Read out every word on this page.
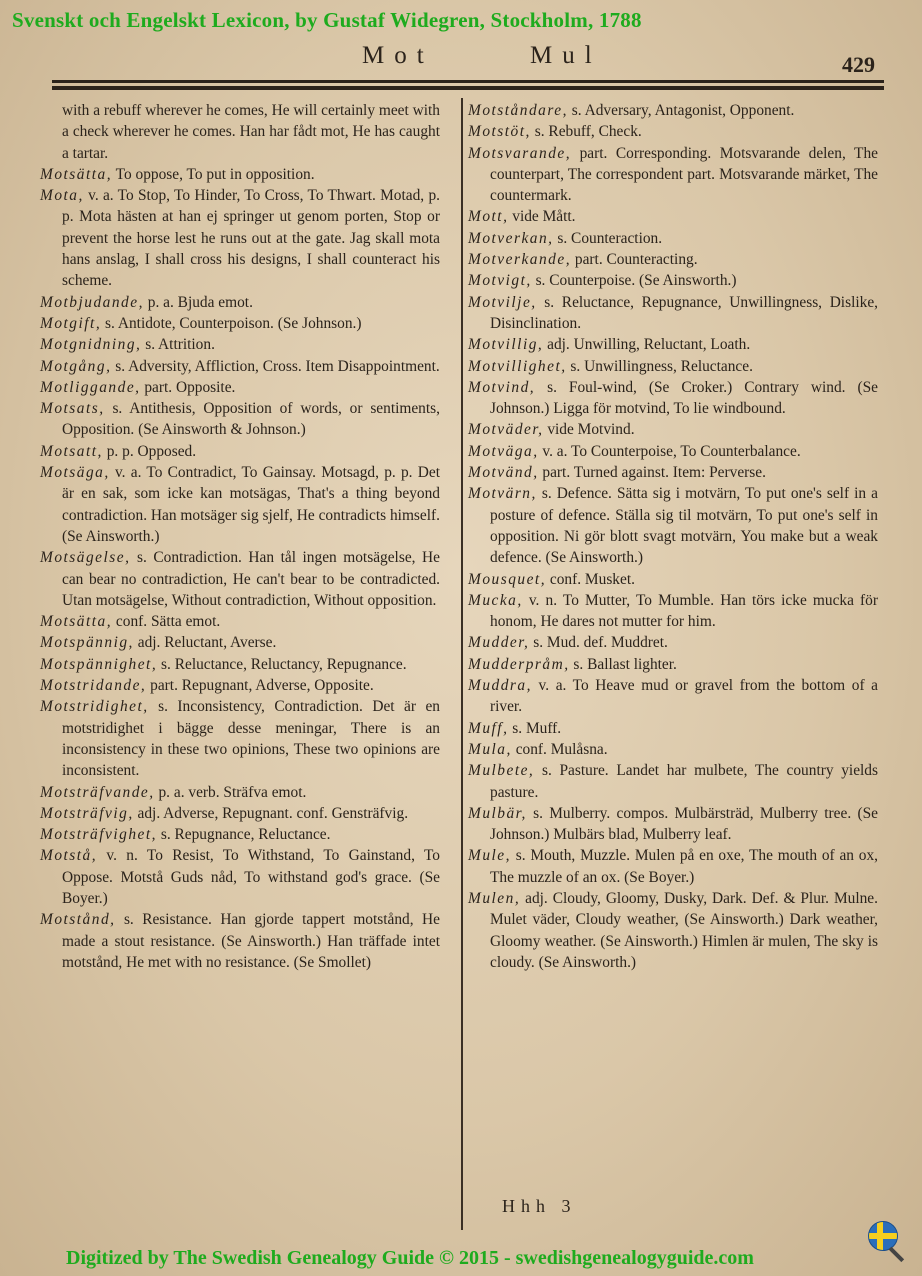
Svenskt och Engelskt Lexicon, by Gustaf Widegren, Stockholm, 1788
Mot	Mul	429

with a rebuff wherever he comes, He will certainly meet with a check wherever he comes. Han har fådt mot, He has caught a tartar.

Motsätta, To oppose, To put in opposition.

Mota, v. a. To Stop, To Hinder, To Cross, To Thwart. Motad, p. p. Mota hästen at han ej springer ut genom porten, Stop or prevent the horse lest he runs out at the gate. Jag skall mota hans anslag, I shall cross his designs, I shall counteract his scheme.

Motbjudande, p. a. Bjuda emot.

Motgift, s. Antidote, Counterpoison. (Se Johnson.)

Motgnidning, s. Attrition.

Motgång, s. Adversity, Affliction, Cross. Item Disappointment.

Motliggande, part. Opposite.

Motsats, s. Antithesis, Opposition of words, or sentiments, Opposition. (Se Ainsworth & Johnson.)

Motsatt, p. p. Opposed.

Motsäga, v. a. To Contradict, To Gainsay. Motsagd, p. p. Det är en sak, som icke kan motsägas, That's a thing beyond contradiction. Han motsäger sig sjelf, He contradicts himself. (Se Ainsworth.)

Motsägelse, s. Contradiction. Han tål ingen motsägelse, He can bear no contradiction, He can't bear to be contradicted. Utan motsägelse, Without contradiction, Without opposition.

Motsätta, conf. Sätta emot.

Motspännig, adj. Reluctant, Averse.

Motspännighet, s. Reluctance, Reluctancy, Repugnance.

Motstridande, part. Repugnant, Adverse, Opposite.

Motstridighet, s. Inconsistency, Contradiction. Det är en motstridighet i bägge desse meningar, There is an inconsistency in these two opinions, These two opinions are inconsistent.

Motsträfvande, p. a. verb. Sträfva emot.

Motsträfvig, adj. Adverse, Repugnant. conf. Gensträfvig.

Motsträfvighet, s. Repugnance, Reluctance.

Motstå, v. n. To Resist, To Withstand, To Gainstand, To Oppose. Motstå Guds nåd, To withstand god's grace. (Se Boyer.)

Motstånd, s. Resistance. Han gjorde tappert motstånd, He made a stout resistance. (Se Ainsworth.) Han träffade intet motstånd, He met with no resistance. (Se Smollet)

Motståndare, s. Adversary, Antagonist, Opponent.

Motstöt, s. Rebuff, Check.

Motsvarande, part. Corresponding. Motsvarande delen, The counterpart, The correspondent part. Motsvarande märket, The countermark.

Mott, vide Mått.

Motverkan, s. Counteraction.

Motverkande, part. Counteracting.

Motvigt, s. Counterpoise. (Se Ainsworth.)

Motvilje, s. Reluctance, Repugnance, Unwillingness, Dislike, Disinclination.

Motvillig, adj. Unwilling, Reluctant, Loath.

Motvillighet, s. Unwillingness, Reluctance.

Motvind, s. Foul-wind, (Se Croker.) Contrary wind. (Se Johnson.) Ligga för motvind, To lie windbound.

Motväder, vide Motvind.

Motväga, v. a. To Counterpoise, To Counterbalance.

Motvänd, part. Turned against. Item: Perverse.

Motvärn, s. Defence. Sätta sig i motvärn, To put one's self in a posture of defence. Ställa sig til motvärn, To put one's self in opposition. Ni gör blott svagt motvärn, You make but a weak defence. (Se Ainsworth.)

Mousquet, conf. Musket.

Mucka, v. n. To Mutter, To Mumble. Han törs icke mucka för honom, He dares not mutter for him.

Mudder, s. Mud. def. Muddret.

Mudderpråm, s. Ballast lighter.

Muddra, v. a. To Heave mud or gravel from the bottom of a river.

Muff, s. Muff.

Mula, conf. Mulåsna.

Mulbete, s. Pasture. Landet har mulbete, The country yields pasture.

Mulbär, s. Mulberry. compos. Mulbärsträd, Mulberry tree. (Se Johnson.) Mulbärs blad, Mulberry leaf.

Mule, s. Mouth, Muzzle. Mulen på en oxe, The mouth of an ox, The muzzle of an ox. (Se Boyer.)

Mulen, adj. Cloudy, Gloomy, Dusky, Dark. Def. & Plur. Mulne. Mulet väder, Cloudy weather, (Se Ainsworth.) Dark weather, Gloomy weather. (Se Ainsworth.) Himlen är mulen, The sky is cloudy. (Se Ainsworth.)

Hhh 3
Digitized by The Swedish Genealogy Guide © 2015 - swedishgenealogyguide.com
